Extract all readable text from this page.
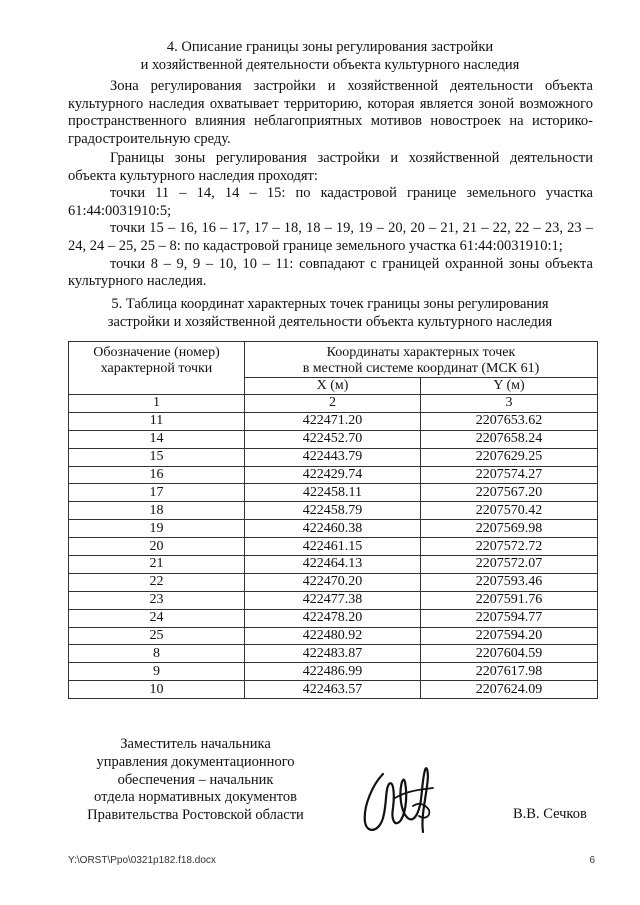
4. Описание границы зоны регулирования застройки
и хозяйственной деятельности объекта культурного наследия
Зона регулирования застройки и хозяйственной деятельности объекта культурного наследия охватывает территорию, которая является зоной возможного пространственного влияния неблагоприятных мотивов новостроек на историко-градостроительную среду.
Границы зоны регулирования застройки и хозяйственной деятельности объекта культурного наследия проходят:
точки 11 – 14, 14 – 15: по кадастровой границе земельного участка 61:44:0031910:5;
точки 15 – 16, 16 – 17, 17 – 18, 18 – 19, 19 – 20, 20 – 21, 21 – 22, 22 – 23, 23 – 24, 24 – 25, 25 – 8: по кадастровой границе земельного участка 61:44:0031910:1;
точки 8 – 9, 9 – 10, 10 – 11: совпадают с границей охранной зоны объекта культурного наследия.
5. Таблица координат характерных точек границы зоны регулирования
застройки и хозяйственной деятельности объекта культурного наследия
Обозначение (номер) характерной точки	Координаты характерных точек
в местной системе координат (МСК 61)	

	Х (м)	Y (м)
1	2	3
11	422471.20	2207653.62
14	422452.70	2207658.24
15	422443.79	2207629.25
16	422429.74	2207574.27
17	422458.11	2207567.20
18	422458.79	2207570.42
19	422460.38	2207569.98
20	422461.15	2207572.72
21	422464.13	2207572.07
22	422470.20	2207593.46
23	422477.38	2207591.76
24	422478.20	2207594.77
25	422480.92	2207594.20
8	422483.87	2207604.59
9	422486.99	2207617.98
10	422463.57	2207624.09
Заместитель начальника
управления документационного
обеспечения – начальник
отдела нормативных документов
Правительства Ростовской области	В.В. Сечков
Y:\ORST\Ppo\0321p182.f18.docx	6
